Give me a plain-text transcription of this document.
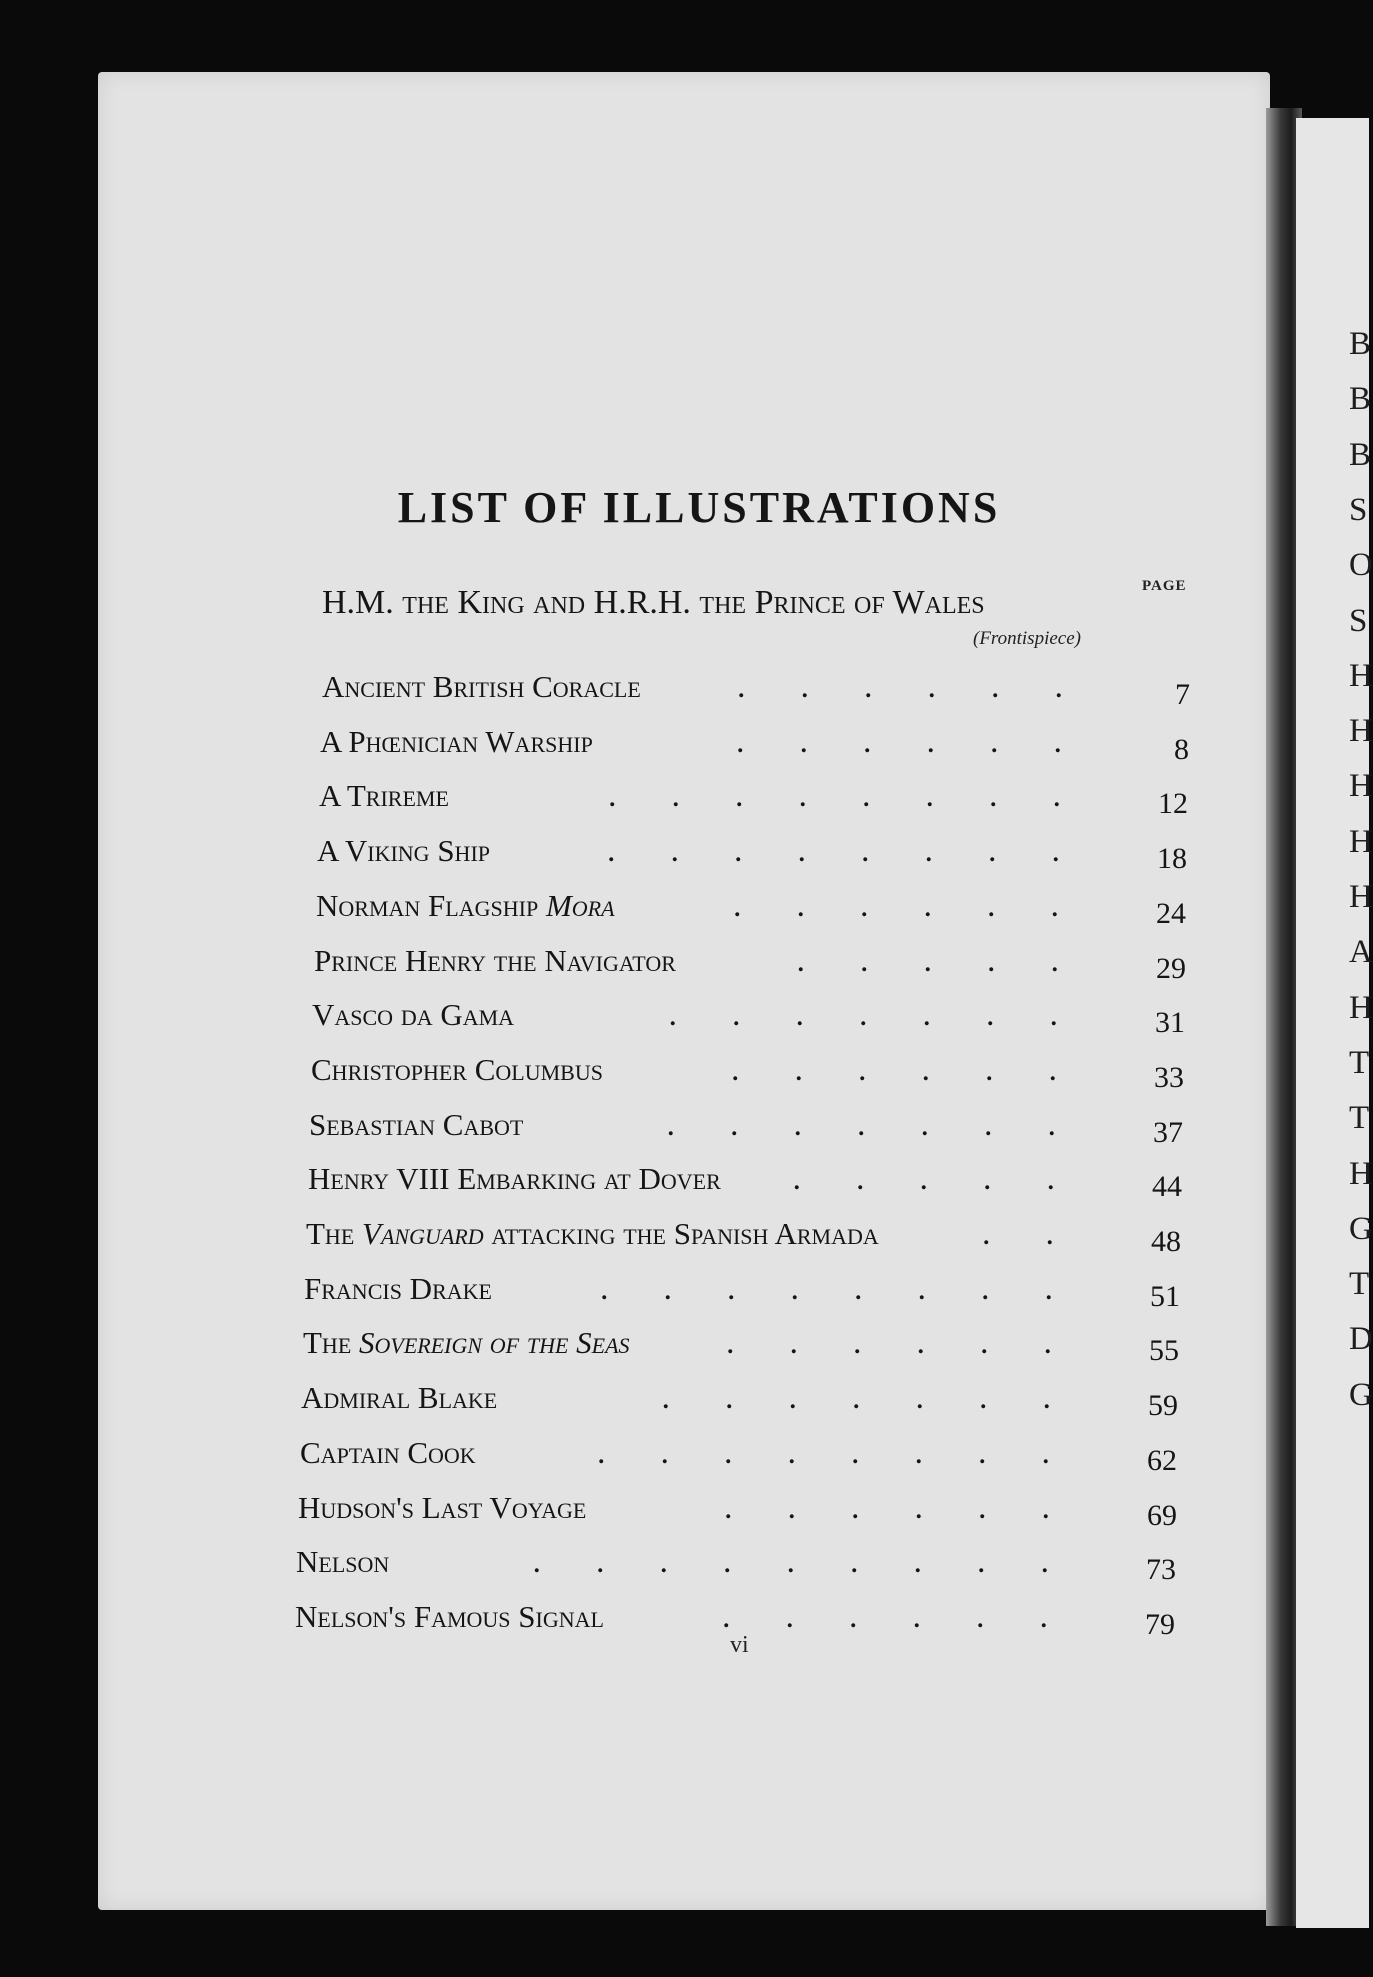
B
B
B
S
O
S
H
H
H
H
H
A
H
T
T
H
G
T
D
G
LIST OF ILLUSTRATIONS
PAGE
H.M. the King and H.R.H. the Prince of Wales
(Frontispiece)
Ancient British Coracle	7
......
A Phœnician Warship	8
......
A Trireme	12
........
A Viking Ship	18
........
Norman Flagship Mora	24
......
Prince Henry the Navigator	29
.....
Vasco da Gama	31
.......
Christopher Columbus	33
......
Sebastian Cabot	37
.......
Henry VIII Embarking at Dover	44
.....
The Vanguard attacking the Spanish Armada	48
..
Francis Drake	51
........
The Sovereign of the Seas	55
......
Admiral Blake	59
.......
Captain Cook	62
........
Hudson's Last Voyage	69
......
Nelson	73
.........
Nelson's Famous Signal	79
......
vi
